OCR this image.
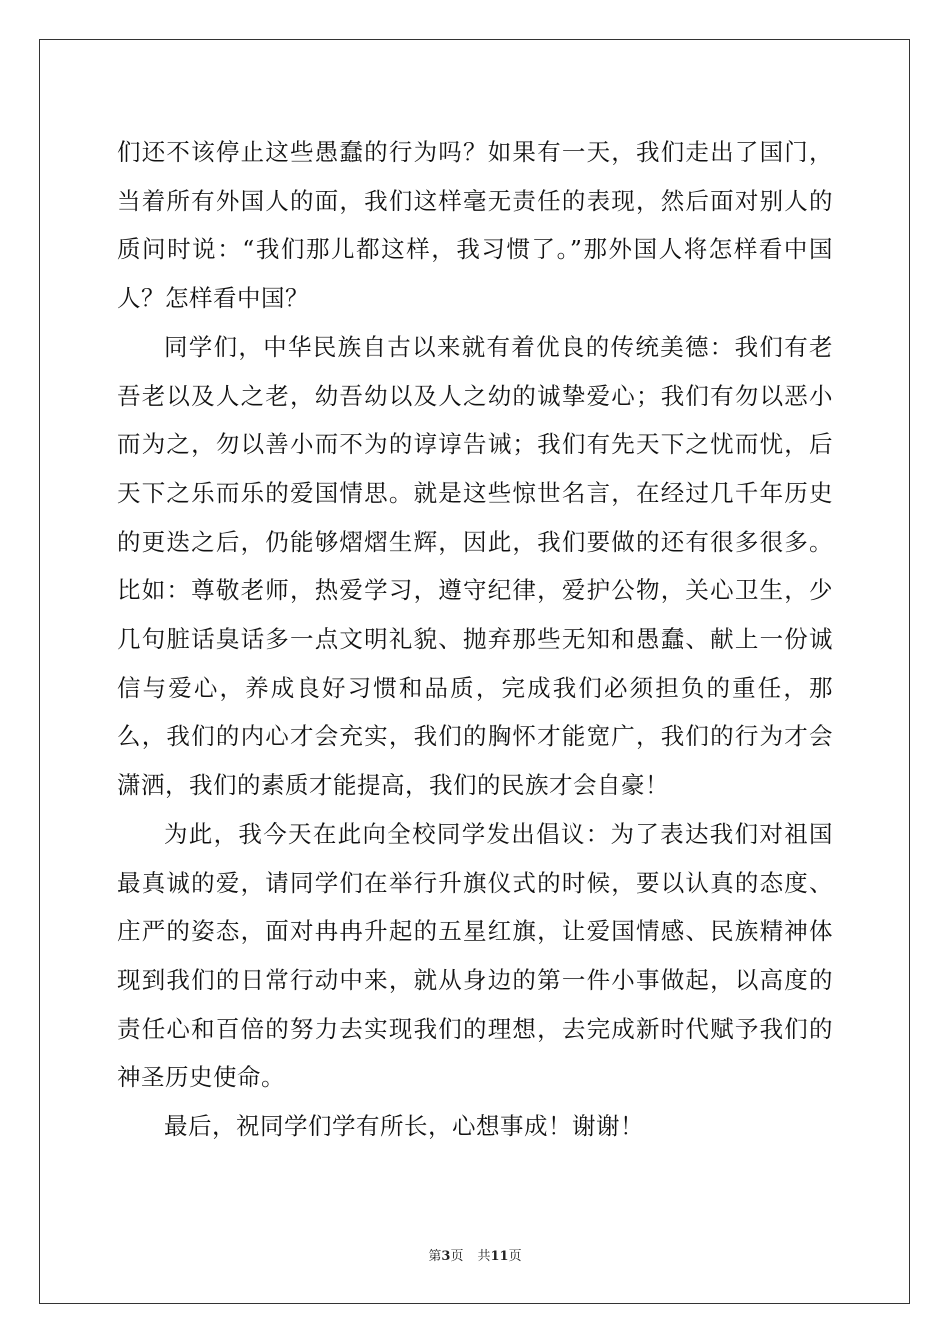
们还不该停止这些愚蠢的行为吗？如果有一天，我们走出了国门，当着所有外国人的面，我们这样毫无责任的表现，然后面对别人的质问时说：“我们那儿都这样，我习惯了。”那外国人将怎样看中国人？怎样看中国？

同学们，中华民族自古以来就有着优良的传统美德：我们有老吾老以及人之老，幼吾幼以及人之幼的诚挚爱心；我们有勿以恶小而为之，勿以善小而不为的谆谆告诫；我们有先天下之忧而忧，后天下之乐而乐的爱国情思。就是这些惊世名言，在经过几千年历史的更迭之后，仍能够熠熠生辉，因此，我们要做的还有很多很多。比如：尊敬老师，热爱学习，遵守纪律，爱护公物，关心卫生，少几句脏话臭话多一点文明礼貌、抛弃那些无知和愚蠢、献上一份诚信与爱心，养成良好习惯和品质，完成我们必须担负的重任，那么，我们的内心才会充实，我们的胸怀才能宽广，我们的行为才会潇洒，我们的素质才能提高，我们的民族才会自豪！

为此，我今天在此向全校同学发出倡议：为了表达我们对祖国最真诚的爱，请同学们在举行升旗仪式的时候，要以认真的态度、庄严的姿态，面对冉冉升起的五星红旗，让爱国情感、民族精神体现到我们的日常行动中来，就从身边的第一件小事做起，以高度的责任心和百倍的努力去实现我们的理想，去完成新时代赋予我们的神圣历史使命。

最后，祝同学们学有所长，心想事成！谢谢！

第3页 共11页
